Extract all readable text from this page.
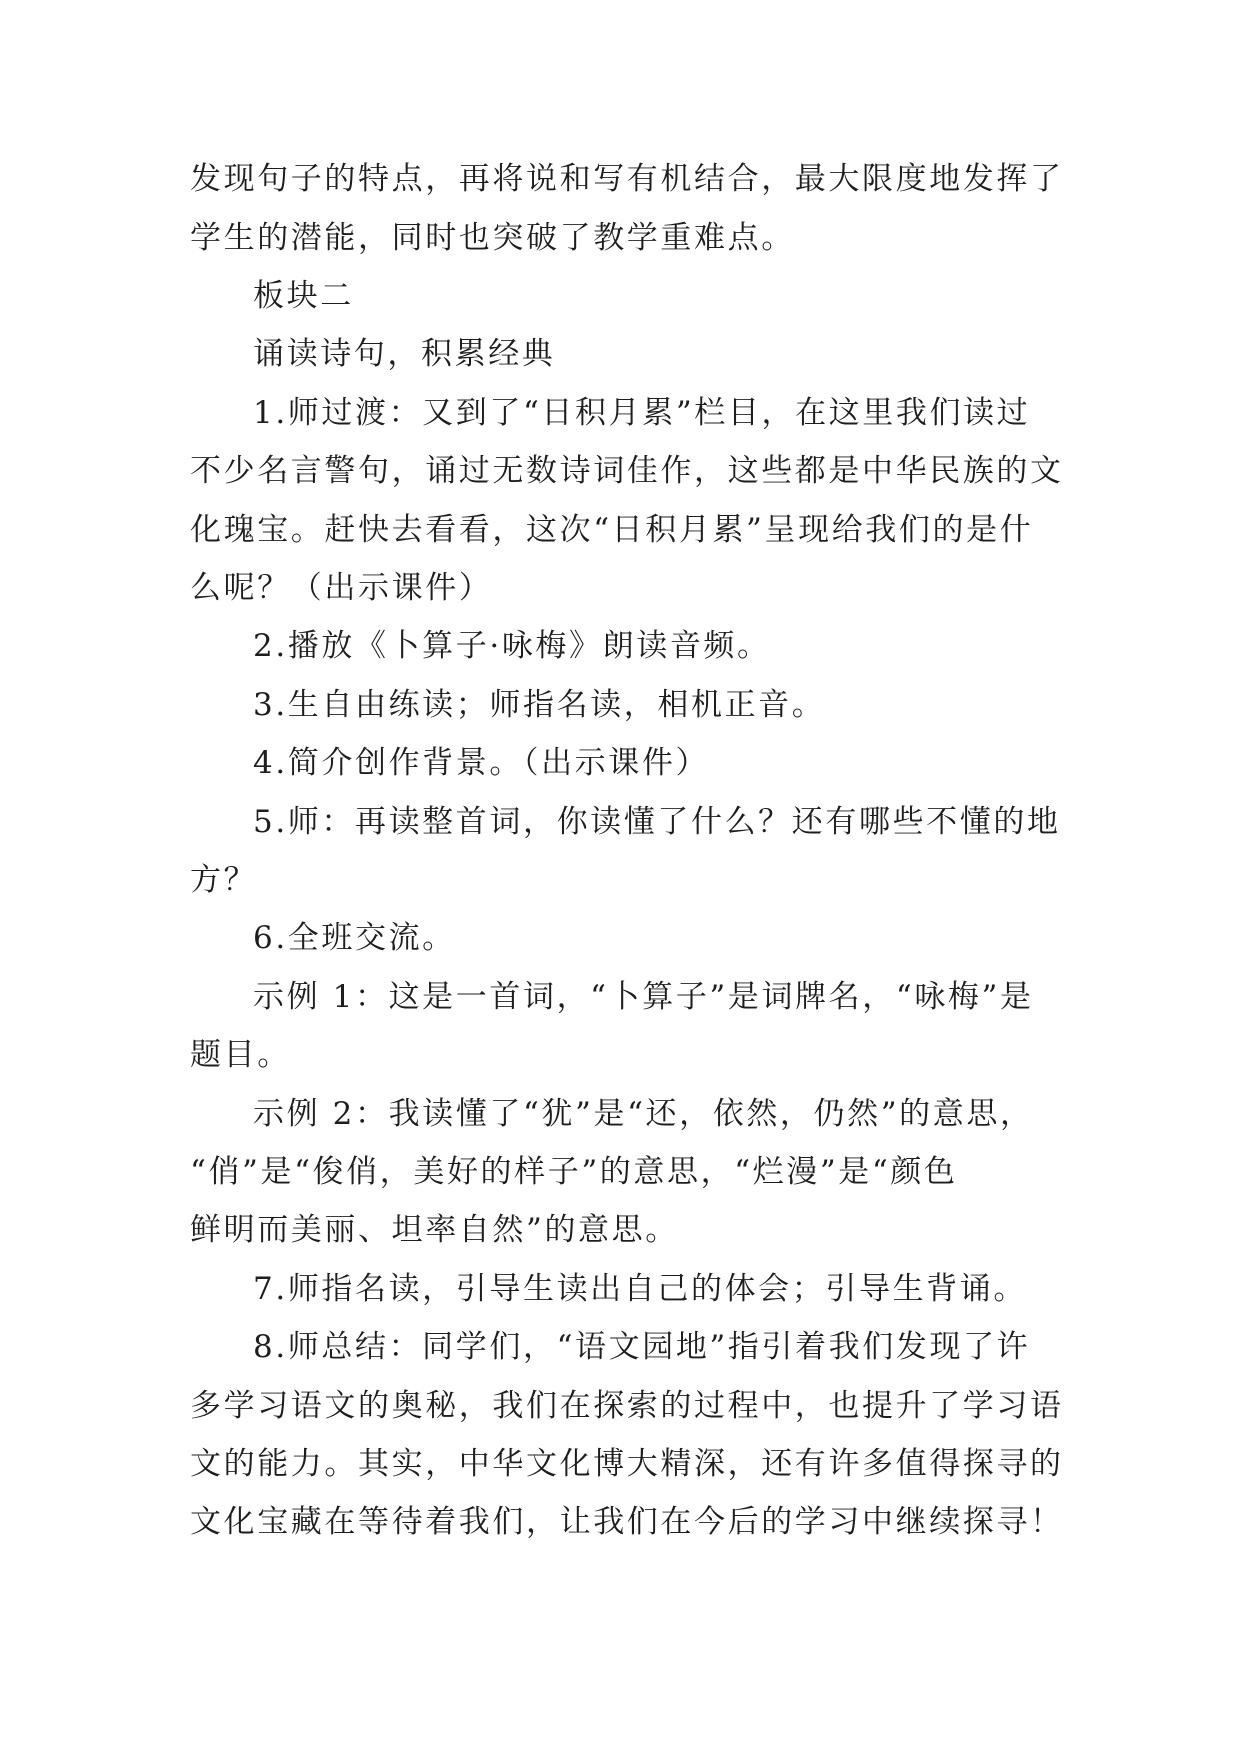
发现句子的特点，再将说和写有机结合，最大限度地发挥了

学生的潜能，同时也突破了教学重难点。

板块二

诵读诗句，积累经典

1.师过渡：又到了“日积月累”栏目，在这里我们读过

不少名言警句，诵过无数诗词佳作，这些都是中华民族的文

化瑰宝。赶快去看看，这次“日积月累”呈现给我们的是什

么呢？（出示课件）

2.播放《卜算子·咏梅》朗读音频。

3.生自由练读；师指名读，相机正音。

4.简介创作背景。（出示课件）

5.师：再读整首词，你读懂了什么？还有哪些不懂的地

方？

6.全班交流。

示例 1：这是一首词，“卜算子”是词牌名，“咏梅”是

题目。

示例 2：我读懂了“犹”是“还，依然，仍然”的意思，

“俏”是“俊俏，美好的样子”的意思，“烂漫”是“颜色

鲜明而美丽、坦率自然”的意思。

7.师指名读，引导生读出自己的体会；引导生背诵。

8.师总结：同学们，“语文园地”指引着我们发现了许

多学习语文的奥秘，我们在探索的过程中，也提升了学习语

文的能力。其实，中华文化博大精深，还有许多值得探寻的

文化宝藏在等待着我们，让我们在今后的学习中继续探寻！
